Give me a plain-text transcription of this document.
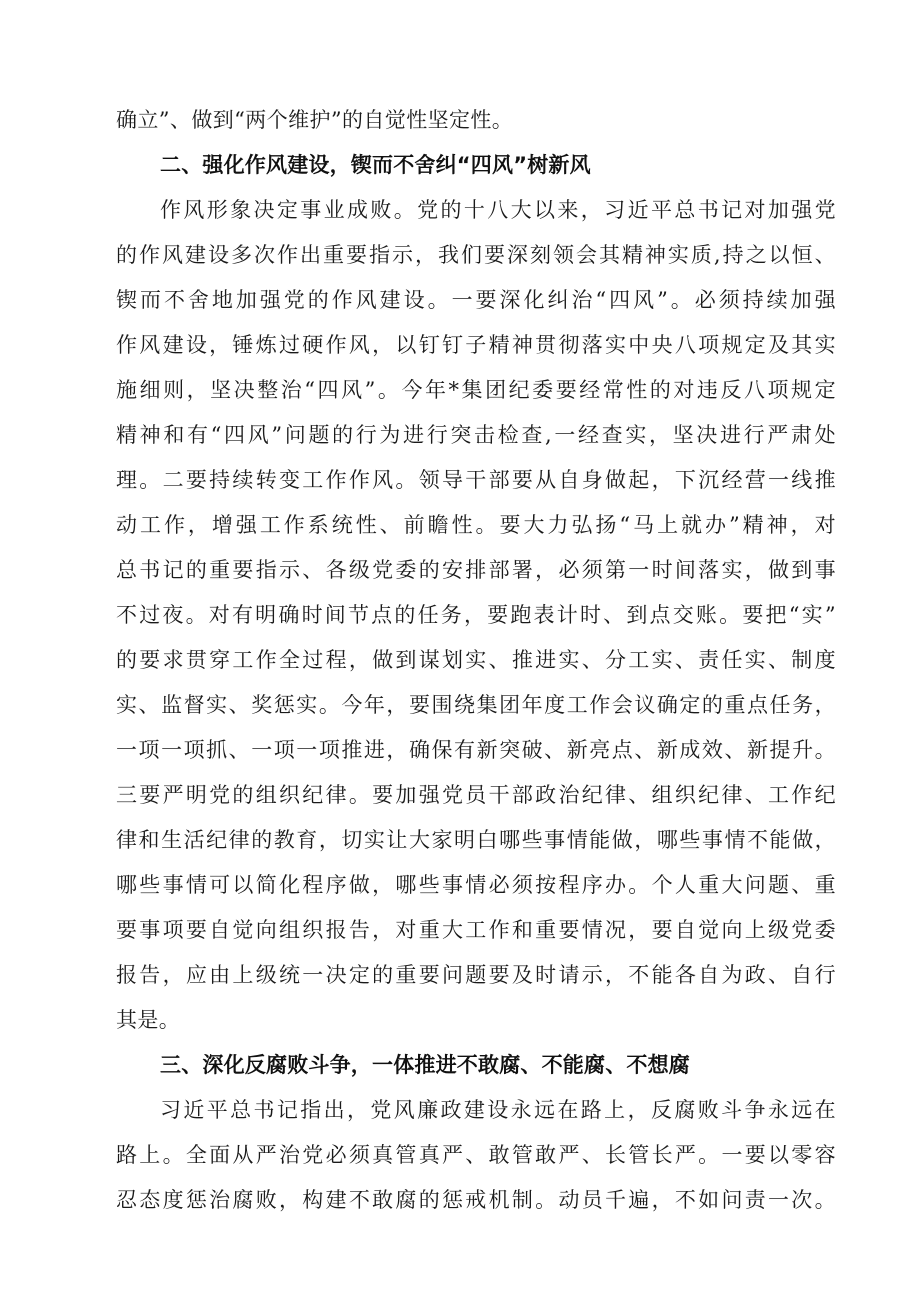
确立”、做到“两个维护”的自觉性坚定性。
二、强化作风建设，锲而不舍纠“四风”树新风
作风形象决定事业成败。党的十八大以来，习近平总书记对加强党
的作风建设多次作出重要指示，我们要深刻领会其精神实质,持之以恒、
锲而不舍地加强党的作风建设。一要深化纠治“四风”。必须持续加强
作风建设，锤炼过硬作风，以钉钉子精神贯彻落实中央八项规定及其实
施细则，坚决整治“四风”。今年*集团纪委要经常性的对违反八项规定
精神和有“四风”问题的行为进行突击检查,一经查实，坚决进行严肃处
理。二要持续转变工作作风。领导干部要从自身做起，下沉经营一线推
动工作，增强工作系统性、前瞻性。要大力弘扬“马上就办”精神，对
总书记的重要指示、各级党委的安排部署，必须第一时间落实，做到事
不过夜。对有明确时间节点的任务，要跑表计时、到点交账。要把“实”
的要求贯穿工作全过程，做到谋划实、推进实、分工实、责任实、制度
实、监督实、奖惩实。今年，要围绕集团年度工作会议确定的重点任务，
一项一项抓、一项一项推进，确保有新突破、新亮点、新成效、新提升。
三要严明党的组织纪律。要加强党员干部政治纪律、组织纪律、工作纪
律和生活纪律的教育，切实让大家明白哪些事情能做，哪些事情不能做，
哪些事情可以简化程序做，哪些事情必须按程序办。个人重大问题、重
要事项要自觉向组织报告，对重大工作和重要情况，要自觉向上级党委
报告，应由上级统一决定的重要问题要及时请示，不能各自为政、自行
其是。
三、深化反腐败斗争，一体推进不敢腐、不能腐、不想腐
习近平总书记指出，党风廉政建设永远在路上，反腐败斗争永远在
路上。全面从严治党必须真管真严、敢管敢严、长管长严。一要以零容
忍态度惩治腐败，构建不敢腐的惩戒机制。动员千遍，不如问责一次。
